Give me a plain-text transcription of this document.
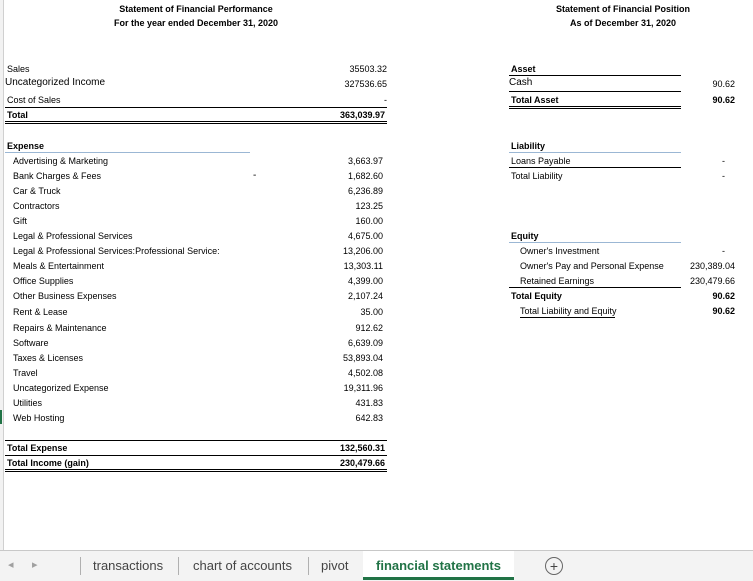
Statement of Financial Performance
For the year ended December 31, 2020
Statement of Financial Position
As of December 31, 2020
Sales	35503.32
Uncategorized Income	327536.65
Cost of Sales	-
Total	363,039.97
Expense
-
Advertising & Marketing	3,663.97
Bank Charges & Fees	1,682.60
Car & Truck	6,236.89
Contractors	123.25
Gift	160.00
Legal & Professional Services	4,675.00
Legal & Professional Services:Professional Service:	13,206.00
Meals & Entertainment	13,303.11
Office Supplies	4,399.00
Other Business Expenses	2,107.24
Rent & Lease	35.00
Repairs & Maintenance	912.62
Software	6,639.09
Taxes & Licenses	53,893.04
Travel	4,502.08
Uncategorized Expense	19,311.96
Utilities	431.83
Web Hosting	642.83
Total Expense	132,560.31
Total Income (gain)	230,479.66
Asset
Cash	90.62
Total Asset	90.62
Liability
Loans Payable	-
Total Liability	-
Equity
Owner's Investment	-
Owner's Pay and Personal Expense	230,389.04
Retained Earnings	230,479.66
Total Equity	90.62
Total Liability and Equity	90.62
◂ ▸	transactions chart of accounts pivot	financial statements	+
